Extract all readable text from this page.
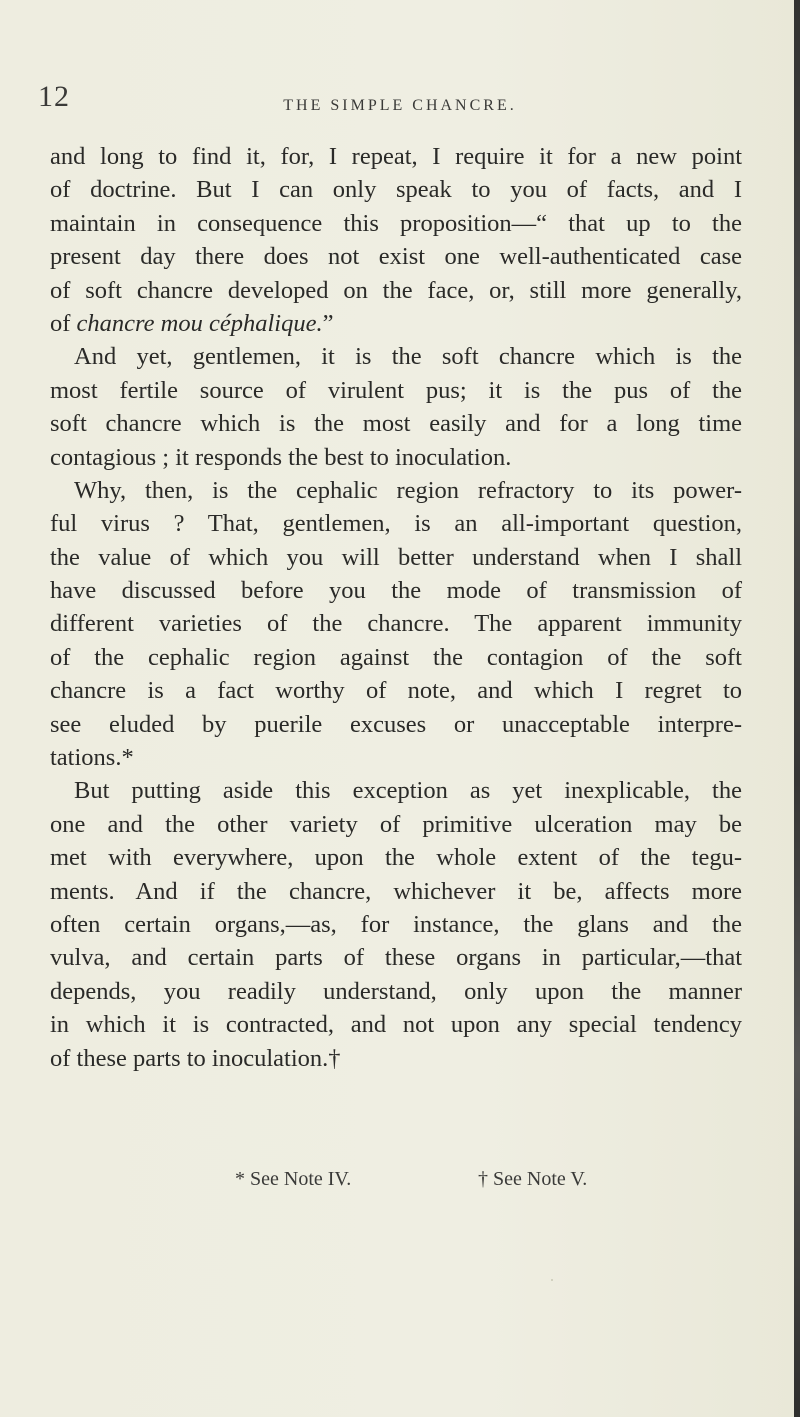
12	THE SIMPLE CHANCRE.
and long to find it, for, I repeat, I require it for a new point
of doctrine. But I can only speak to you of facts, and I
maintain in consequence this proposition—“ that up to the
present day there does not exist one well-authenticated case
of soft chancre developed on the face, or, still more generally,
of chancre mou céphalique.”
And yet, gentlemen, it is the soft chancre which is the
most fertile source of virulent pus; it is the pus of the
soft chancre which is the most easily and for a long time
contagious ; it responds the best to inoculation.
Why, then, is the cephalic region refractory to its power-
ful virus ? That, gentlemen, is an all-important question,
the value of which you will better understand when I shall
have discussed before you the mode of transmission of
different varieties of the chancre. The apparent immunity
of the cephalic region against the contagion of the soft
chancre is a fact worthy of note, and which I regret to
see eluded by puerile excuses or unacceptable interpre-
tations.*
But putting aside this exception as yet inexplicable, the
one and the other variety of primitive ulceration may be
met with everywhere, upon the whole extent of the tegu-
ments. And if the chancre, whichever it be, affects more
often certain organs,—as, for instance, the glans and the
vulva, and certain parts of these organs in particular,—that
depends, you readily understand, only upon the manner
in which it is contracted, and not upon any special tendency
of these parts to inoculation.†
* See Note IV.	† See Note V.
